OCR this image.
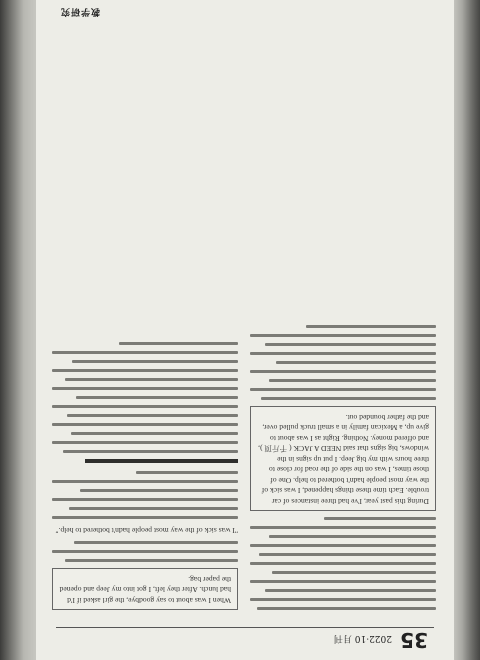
35
2022·10 月刊
During this past year, I've had three instances of car trouble. Each time these things happened, I was sick of the way most people hadn't bothered to help. One of those times, I was on the side of the road for close to three hours with my big Jeep. I put up signs in the windows, big signs that said NEED A JACK ( 千斤顶 ), and offered money. Nothing. Right as I was about to give up, a Mexican family in a small truck pulled over, and the father bounded out.
When I was about to say goodbye, the girl asked if I'd had lunch. After they left, I got into my Jeep and opened the paper bag.
"I was sick of the way most people hadn't bothered to help."
教学研究
